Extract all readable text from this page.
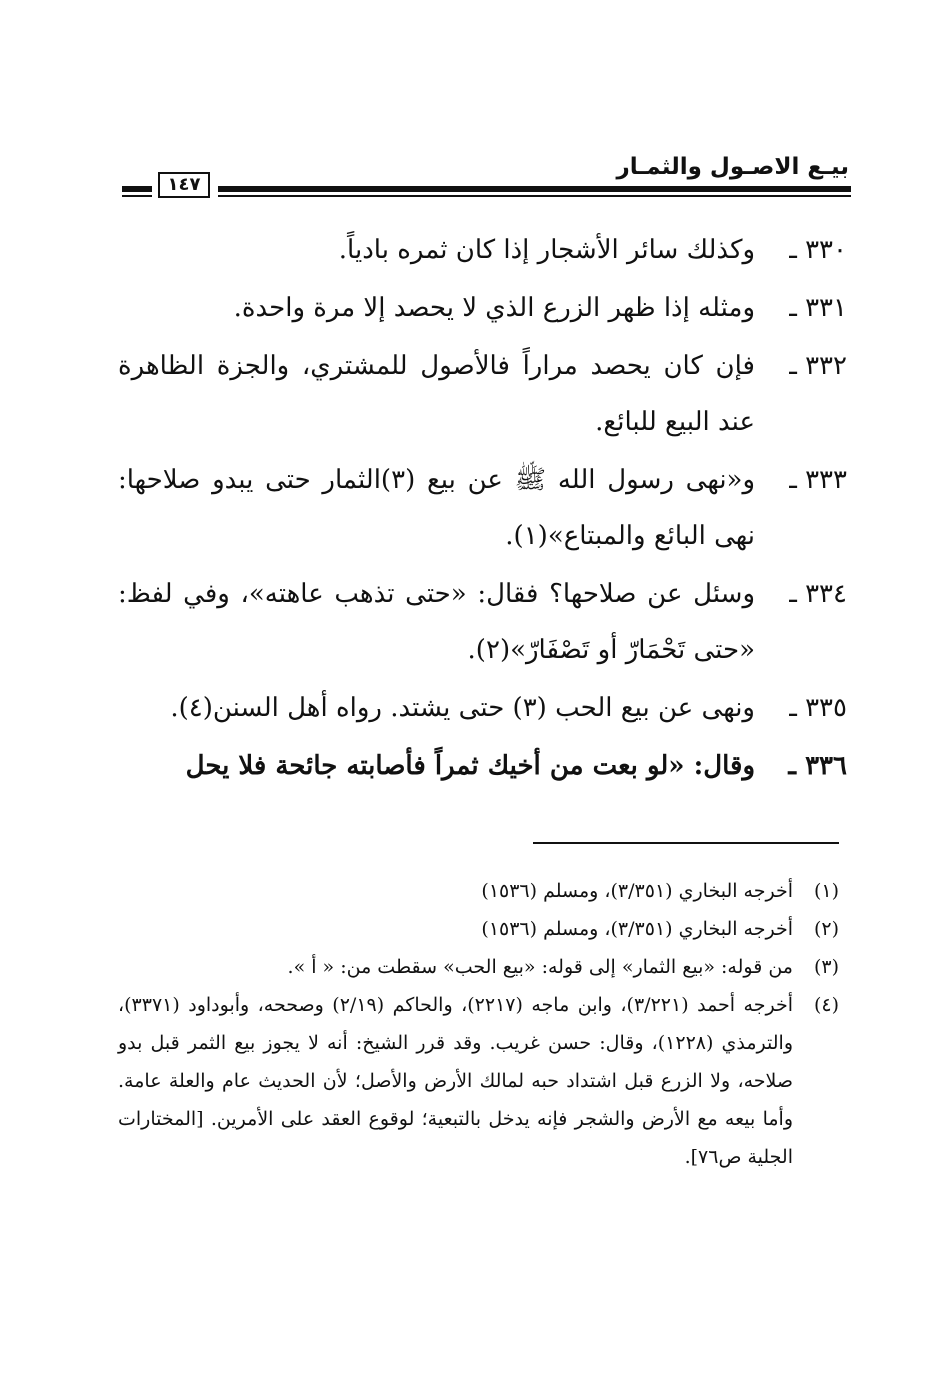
بيـع الاصـول والثمـار
١٤٧
٣٣٠ ـ
وكذلك سائر الأشجار إذا كان ثمره بادياً.
٣٣١ ـ
ومثله إذا ظهر الزرع الذي لا يحصد إلا مرة واحدة.
٣٣٢ ـ
فإن كان يحصد مراراً فالأصول للمشتري، والجزة الظاهرة عند البيع للبائع.
٣٣٣ ـ
و«نهى رسول الله ﷺ عن بيع (٣)الثمار حتى يبدو صلاحها: نهى البائع والمبتاع»(١).
٣٣٤ ـ
وسئل عن صلاحها؟ فقال: «حتى تذهب عاهته»، وفي لفظ: «حتى تَحْمَارّ أو تَصْفَارّ»(٢).
٣٣٥ ـ
ونهى عن بيع الحب (٣) حتى يشتد. رواه أهل السنن(٤).
٣٣٦ ـ
وقال: «لو بعت من أخيك ثمراً فأصابته جائحة فلا يحل
(١)
أخرجه البخاري (٣/٣٥١)، ومسلم (١٥٣٦)
(٢)
أخرجه البخاري (٣/٣٥١)، ومسلم (١٥٣٦)
(٣)
من قوله: «بيع الثمار» إلى قوله: «بيع الحب» سقطت من: « أ ».
(٤)
أخرجه أحمد (٣/٢٢١)، وابن ماجه (٢٢١٧)، والحاكم (٢/١٩) وصححه، وأبوداود (٣٣٧١)، والترمذي (١٢٢٨)، وقال: حسن غريب. وقد قرر الشيخ: أنه لا يجوز بيع الثمر قبل بدو صلاحه، ولا الزرع قبل اشتداد حبه لمالك الأرض والأصل؛ لأن الحديث عام والعلة عامة. وأما بيعه مع الأرض والشجر فإنه يدخل بالتبعية؛ لوقوع العقد على الأمرين. [المختارات الجلية ص٧٦].
